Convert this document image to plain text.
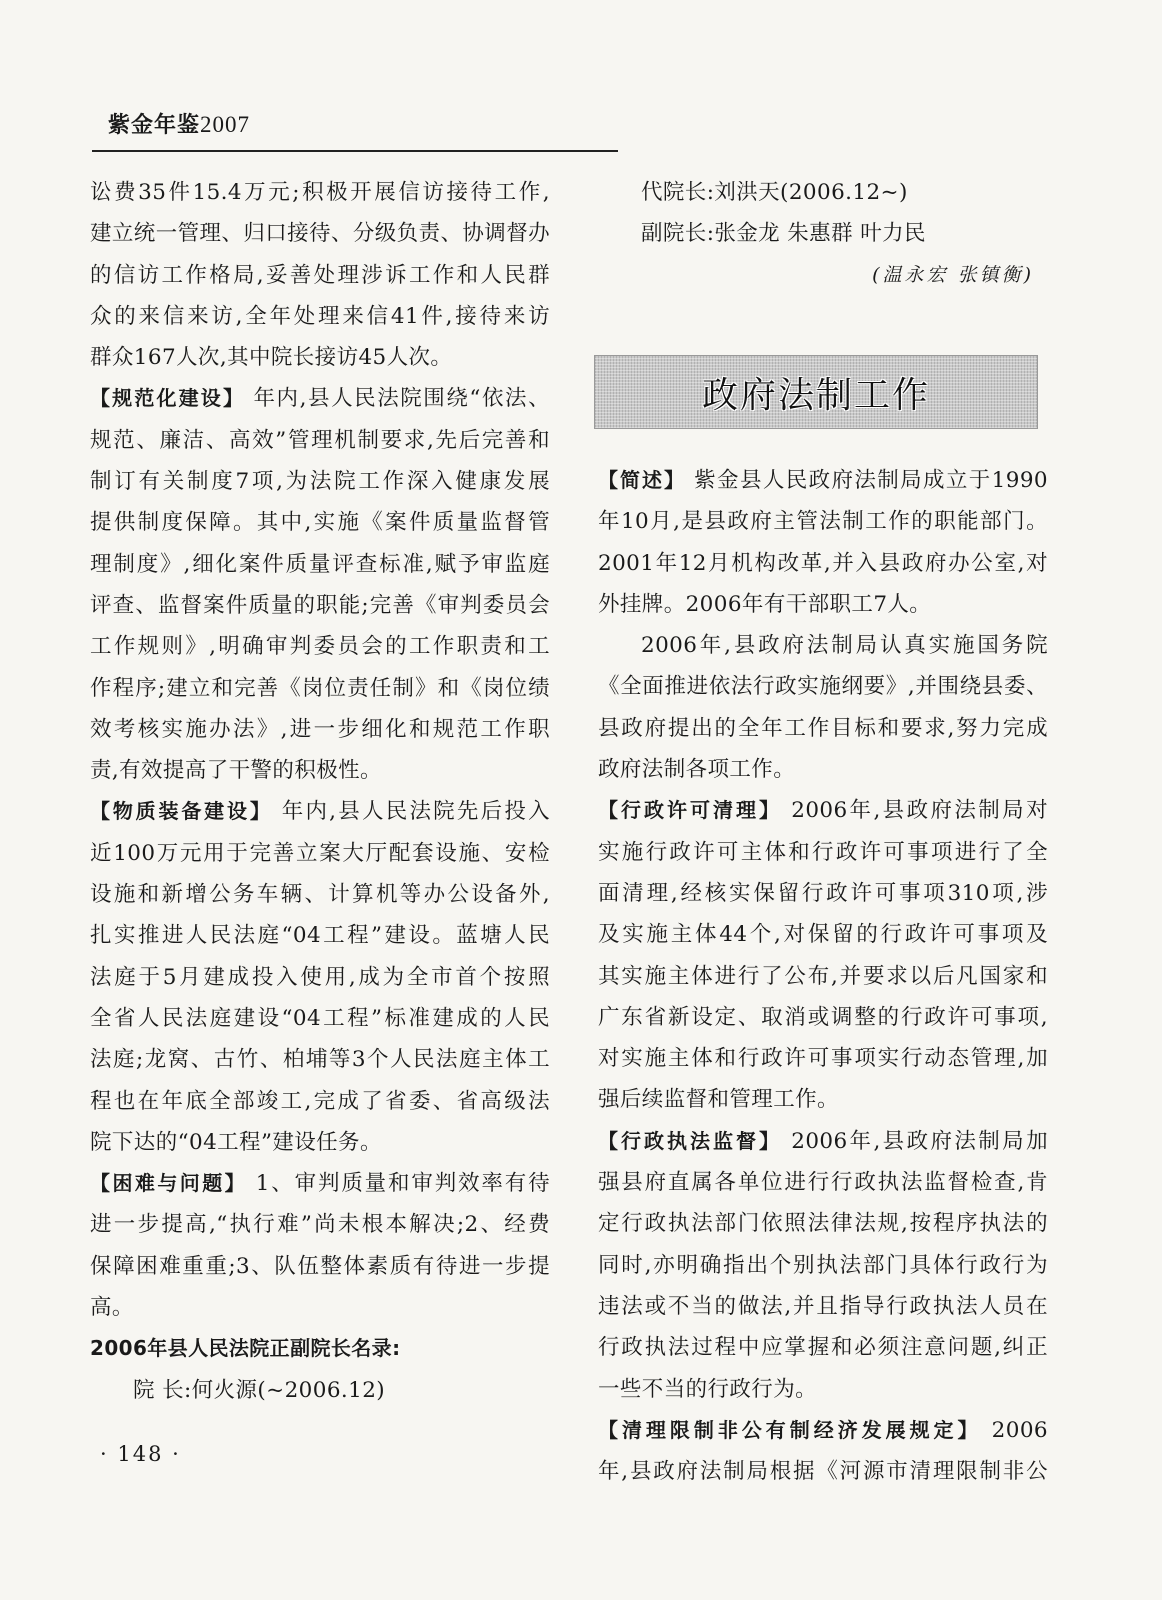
紫金年鉴2007
讼费35件15.4万元;积极开展信访接待工作,
建立统一管理、归口接待、分级负责、协调督办
的信访工作格局,妥善处理涉诉工作和人民群
众的来信来访,全年处理来信41件,接待来访
群众167人次,其中院长接访45人次。
【规范化建设】 年内,县人民法院围绕“依法、
规范、廉洁、高效”管理机制要求,先后完善和
制订有关制度7项,为法院工作深入健康发展
提供制度保障。其中,实施《案件质量监督管
理制度》,细化案件质量评查标准,赋予审监庭
评查、监督案件质量的职能;完善《审判委员会
工作规则》,明确审判委员会的工作职责和工
作程序;建立和完善《岗位责任制》和《岗位绩
效考核实施办法》,进一步细化和规范工作职
责,有效提高了干警的积极性。
【物质装备建设】 年内,县人民法院先后投入
近100万元用于完善立案大厅配套设施、安检
设施和新增公务车辆、计算机等办公设备外,
扎实推进人民法庭“04工程”建设。蓝塘人民
法庭于5月建成投入使用,成为全市首个按照
全省人民法庭建设“04工程”标准建成的人民
法庭;龙窝、古竹、柏埔等3个人民法庭主体工
程也在年底全部竣工,完成了省委、省高级法
院下达的“04工程”建设任务。
【困难与问题】 1、审判质量和审判效率有待
进一步提高,“执行难”尚未根本解决;2、经费
保障困难重重;3、队伍整体素质有待进一步提
高。
2006年县人民法院正副院长名录:
院 长:何火源(~2006.12)
代院长:刘洪天(2006.12~)
副院长:张金龙 朱惠群 叶力民
(温永宏 张镇衡)
政府法制工作
【简述】 紫金县人民政府法制局成立于1990
年10月,是县政府主管法制工作的职能部门。
2001年12月机构改革,并入县政府办公室,对
外挂牌。2006年有干部职工7人。
2006年,县政府法制局认真实施国务院
《全面推进依法行政实施纲要》,并围绕县委、
县政府提出的全年工作目标和要求,努力完成
政府法制各项工作。
【行政许可清理】 2006年,县政府法制局对
实施行政许可主体和行政许可事项进行了全
面清理,经核实保留行政许可事项310项,涉
及实施主体44个,对保留的行政许可事项及
其实施主体进行了公布,并要求以后凡国家和
广东省新设定、取消或调整的行政许可事项,
对实施主体和行政许可事项实行动态管理,加
强后续监督和管理工作。
【行政执法监督】 2006年,县政府法制局加
强县府直属各单位进行行政执法监督检查,肯
定行政执法部门依照法律法规,按程序执法的
同时,亦明确指出个别执法部门具体行政行为
违法或不当的做法,并且指导行政执法人员在
行政执法过程中应掌握和必须注意问题,纠正
一些不当的行政行为。
【清理限制非公有制经济发展规定】 2006
年,县政府法制局根据《河源市清理限制非公
· 148 ·
